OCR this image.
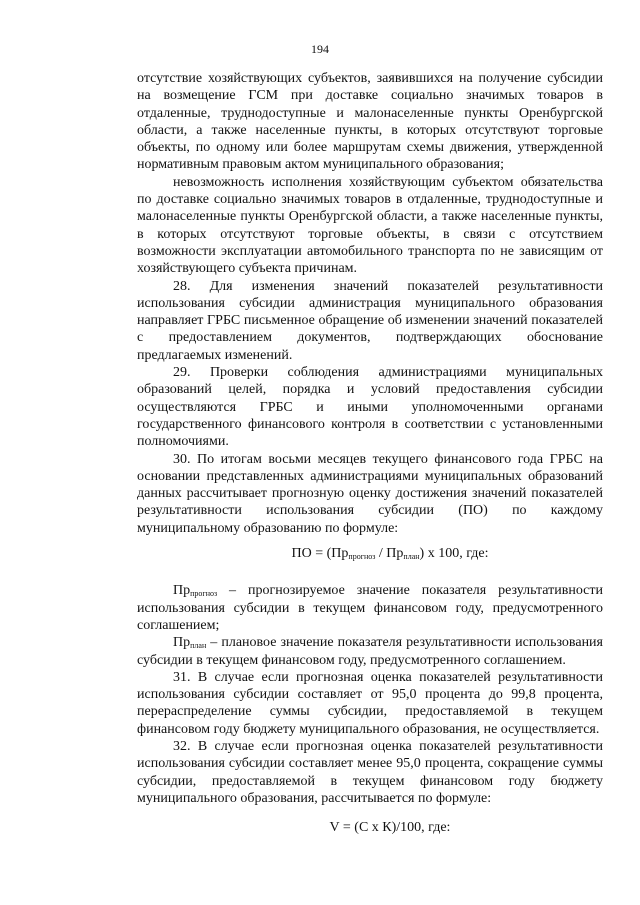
194

отсутствие хозяйствующих субъектов, заявившихся на получение субсидии на возмещение ГСМ при доставке социально значимых товаров в отдаленные, труднодоступные и малонаселенные пункты Оренбургской области, а также населенные пункты, в которых отсутствуют торговые объекты, по одному или более маршрутам схемы движения, утвержденной нормативным правовым актом муниципального образования;

невозможность исполнения хозяйствующим субъектом обязательства по доставке социально значимых товаров в отдаленные, труднодоступные и малонаселенные пункты Оренбургской области, а также населенные пункты, в которых отсутствуют торговые объекты, в связи с отсутствием возможности эксплуатации автомобильного транспорта по не зависящим от хозяйствующего субъекта причинам.

28. Для изменения значений показателей результативности использования субсидии администрация муниципального образования направляет ГРБС письменное обращение об изменении значений показателей с предоставлением документов, подтверждающих обоснование предлагаемых изменений.

29. Проверки соблюдения администрациями муниципальных образований целей, порядка и условий предоставления субсидии осуществляются ГРБС и иными уполномоченными органами государственного финансового контроля в соответствии с установленными полномочиями.

30. По итогам восьми месяцев текущего финансового года ГРБС на основании представленных администрациями муниципальных образований данных рассчитывает прогнозную оценку достижения значений показателей результативности использования субсидии (ПО) по каждому муниципальному образованию по формуле:

ПО = $(Пр_{прогноз} / Пр_{план})$ x 100, где:

$Пр_{прогноз}$ – прогнозируемое значение показателя результативности использования субсидии в текущем финансовом году, предусмотренного соглашением;

$Пр_{план}$ – плановое значение показателя результативности использования субсидии в текущем финансовом году, предусмотренного соглашением.

31. В случае если прогнозная оценка показателей результативности использования субсидии составляет от 95,0 процента до 99,8 процента, перераспределение суммы субсидии, предоставляемой в текущем финансовом году бюджету муниципального образования, не осуществляется.

32. В случае если прогнозная оценка показателей результативности использования субсидии составляет менее 95,0 процента, сокращение суммы субсидии, предоставляемой в текущем финансовом году бюджету муниципального образования, рассчитывается по формуле:

V = (C x К)/100, где:
